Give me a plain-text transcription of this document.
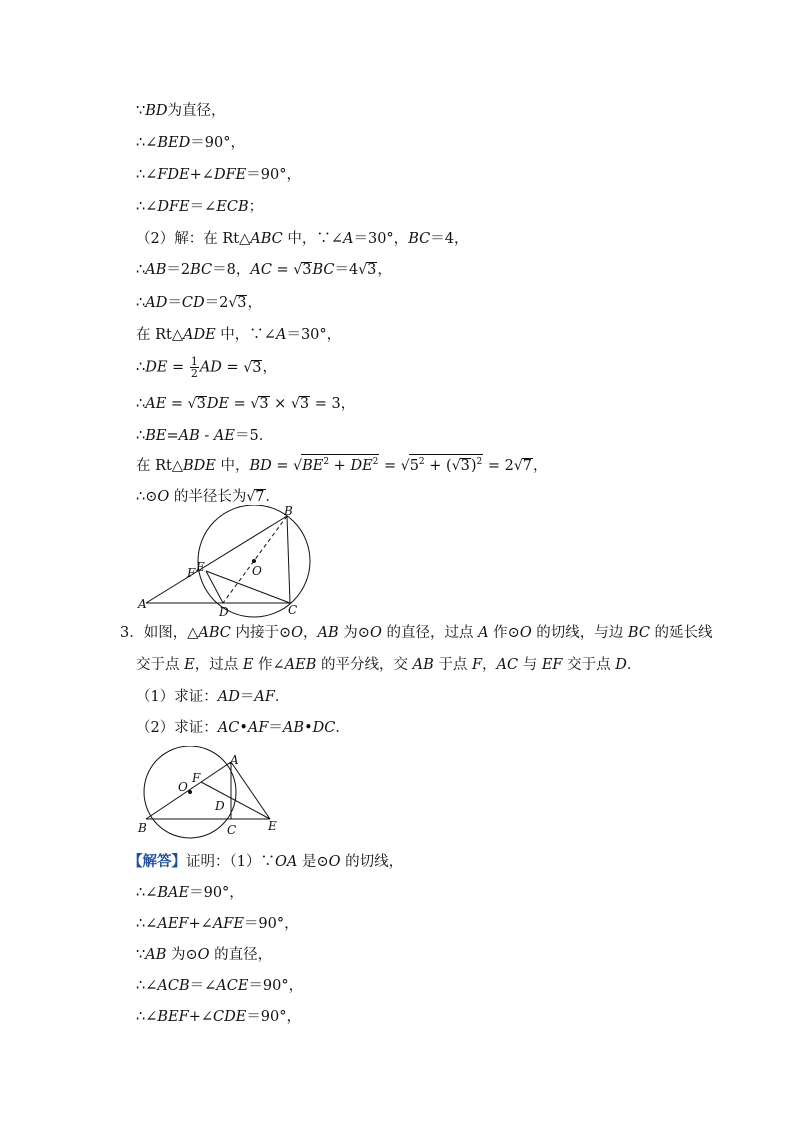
∵BD为直径，
∴∠BED＝90°，
∴∠FDE+∠DFE＝90°，
∴∠DFE＝∠ECB；
（2）解：在 Rt△ABC 中，∵∠A＝30°，BC＝4，
∴AB＝2BC＝8，AC = √3BC＝4√3，
∴AD＝CD＝2√3，
在 Rt△ADE 中，∵∠A＝30°，
∴DE = $\frac{1}{2}$ AD = √3，
∴AE = √3DE = √3 × √3 = 3，
∴BE=AB - AE＝5．
在 Rt△BDE 中，BD = $√BE^2 + DE^2 = √5^2 + (√3)^2 = 2√7$，
∴⊙O 的半径长为√7．
B
E
F	O
A
D	C
3．如图，△ABC 内接于⊙O，AB 为⊙O 的直径，过点 A 作⊙O 的切线，与边 BC 的延长线
交于点 E，过点 E 作∠AEB 的平分线，交 AB 于点 F，AC 与 EF 交于点 D．
（1）求证：AD＝AF．
（2）求证：AC•AF＝AB•DC．
A
F
O
D
B	C	E
【解答】证明：（1）∵OA 是⊙O 的切线，
∴∠BAE＝90°，
∴∠AEF+∠AFE＝90°，
∵AB 为⊙O 的直径，
∴∠ACB＝∠ACE＝90°，
∴∠BEF+∠CDE＝90°，
